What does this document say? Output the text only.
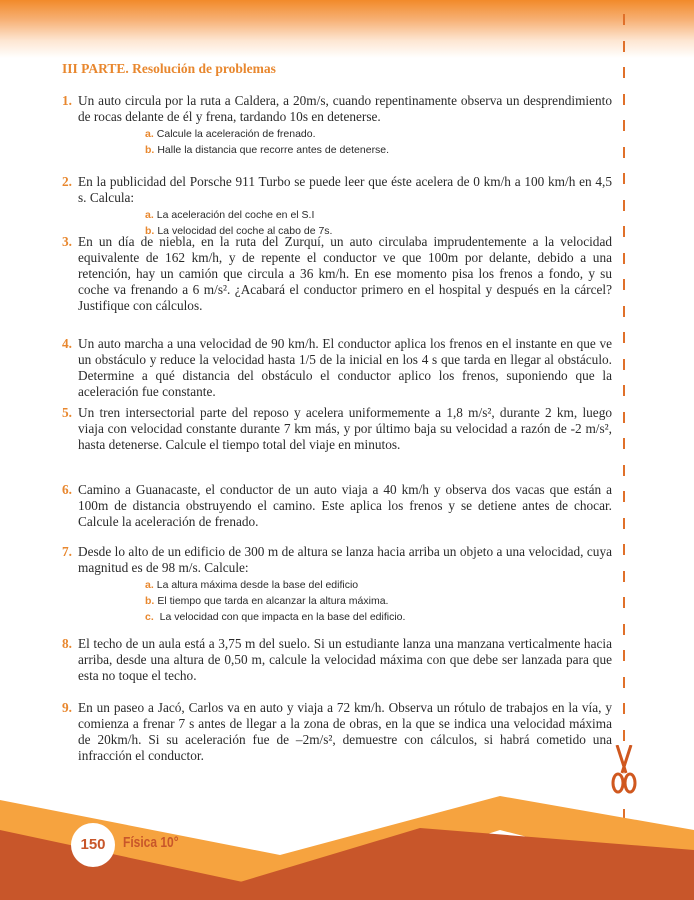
III PARTE. Resolución de problemas
1. Un auto circula por la ruta a Caldera, a 20m/s, cuando repentinamente observa un desprendimiento de rocas delante de él y frena, tardando 10s en detenerse.
a. Calcule la aceleración de frenado.
b. Halle la distancia que recorre antes de detenerse.
2. En la publicidad del Porsche 911 Turbo se puede leer que éste acelera de 0 km/h a 100 km/h en 4,5 s. Calcula:
a. La aceleración del coche en el S.I
b. La velocidad del coche al cabo de 7s.
3. En un día de niebla, en la ruta del Zurquí, un auto circulaba imprudentemente a la velocidad equivalente de 162 km/h, y de repente el conductor ve que 100m por delante, debido a una retención, hay un camión que circula a 36 km/h. En ese momento pisa los frenos a fondo, y su coche va frenando a 6 m/s². ¿Acabará el conductor primero en el hospital y después en la cárcel? Justifique con cálculos.
4. Un auto marcha a una velocidad de 90 km/h. El conductor aplica los frenos en el instante en que ve un obstáculo y reduce la velocidad hasta 1/5 de la inicial en los 4 s que tarda en llegar al obstáculo. Determine a qué distancia del obstáculo el conductor aplico los frenos, suponiendo que la aceleración fue constante.
5. Un tren intersectorial parte del reposo y acelera uniformemente a 1,8 m/s², durante 2 km, luego viaja con velocidad constante durante 7 km más, y por último baja su velocidad a razón de -2 m/s², hasta detenerse. Calcule el tiempo total del viaje en minutos.
6. Camino a Guanacaste, el conductor de un auto viaja a 40 km/h y observa dos vacas que están a 100m de distancia obstruyendo el camino. Este aplica los frenos y se detiene antes de chocar. Calcule la aceleración de frenado.
7. Desde lo alto de un edificio de 300 m de altura se lanza hacia arriba un objeto a una velocidad, cuya magnitud es de 98 m/s. Calcule:
a. La altura máxima desde la base del edificio
b. El tiempo que tarda en alcanzar la altura máxima.
c. La velocidad con que impacta en la base del edificio.
8. El techo de un aula está a 3,75 m del suelo. Si un estudiante lanza una manzana verticalmente hacia arriba, desde una altura de 0,50 m, calcule la velocidad máxima con que debe ser lanzada para que esta no toque el techo.
9. En un paseo a Jacó, Carlos va en auto y viaja a 72 km/h. Observa un rótulo de trabajos en la vía, y comienza a frenar 7 s antes de llegar a la zona de obras, en la que se indica una velocidad máxima de 20km/h. Si su aceleración fue de –2m/s², demuestre con cálculos, si habrá cometido una infracción el conductor.
150	Física 10°
